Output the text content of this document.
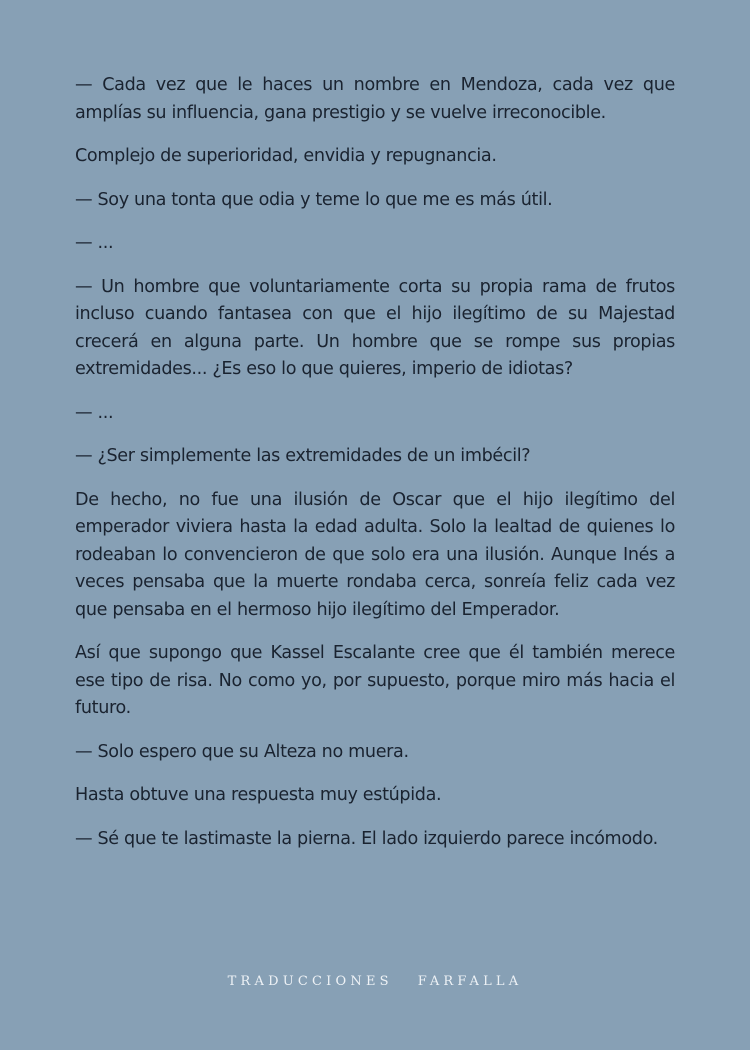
— Cada vez que le haces un nombre en Mendoza, cada vez que amplías su influencia, gana prestigio y se vuelve irreconocible.

Complejo de superioridad, envidia y repugnancia.

— Soy una tonta que odia y teme lo que me es más útil.

— ...

— Un hombre que voluntariamente corta su propia rama de frutos incluso cuando fantasea con que el hijo ilegítimo de su Majestad crecerá en alguna parte. Un hombre que se rompe sus propias extremidades... ¿Es eso lo que quieres, imperio de idiotas?

— ...

— ¿Ser simplemente las extremidades de un imbécil?

De hecho, no fue una ilusión de Oscar que el hijo ilegítimo del emperador viviera hasta la edad adulta. Solo la lealtad de quienes lo rodeaban lo convencieron de que solo era una ilusión. Aunque Inés a veces pensaba que la muerte rondaba cerca, sonreía feliz cada vez que pensaba en el hermoso hijo ilegítimo del Emperador.

Así que supongo que Kassel Escalante cree que él también merece ese tipo de risa. No como yo, por supuesto, porque miro más hacia el futuro.

— Solo espero que su Alteza no muera.

Hasta obtuve una respuesta muy estúpida.

— Sé que te lastimaste la pierna. El lado izquierdo parece incómodo.

TRADUCCIONES   FARFALLA
